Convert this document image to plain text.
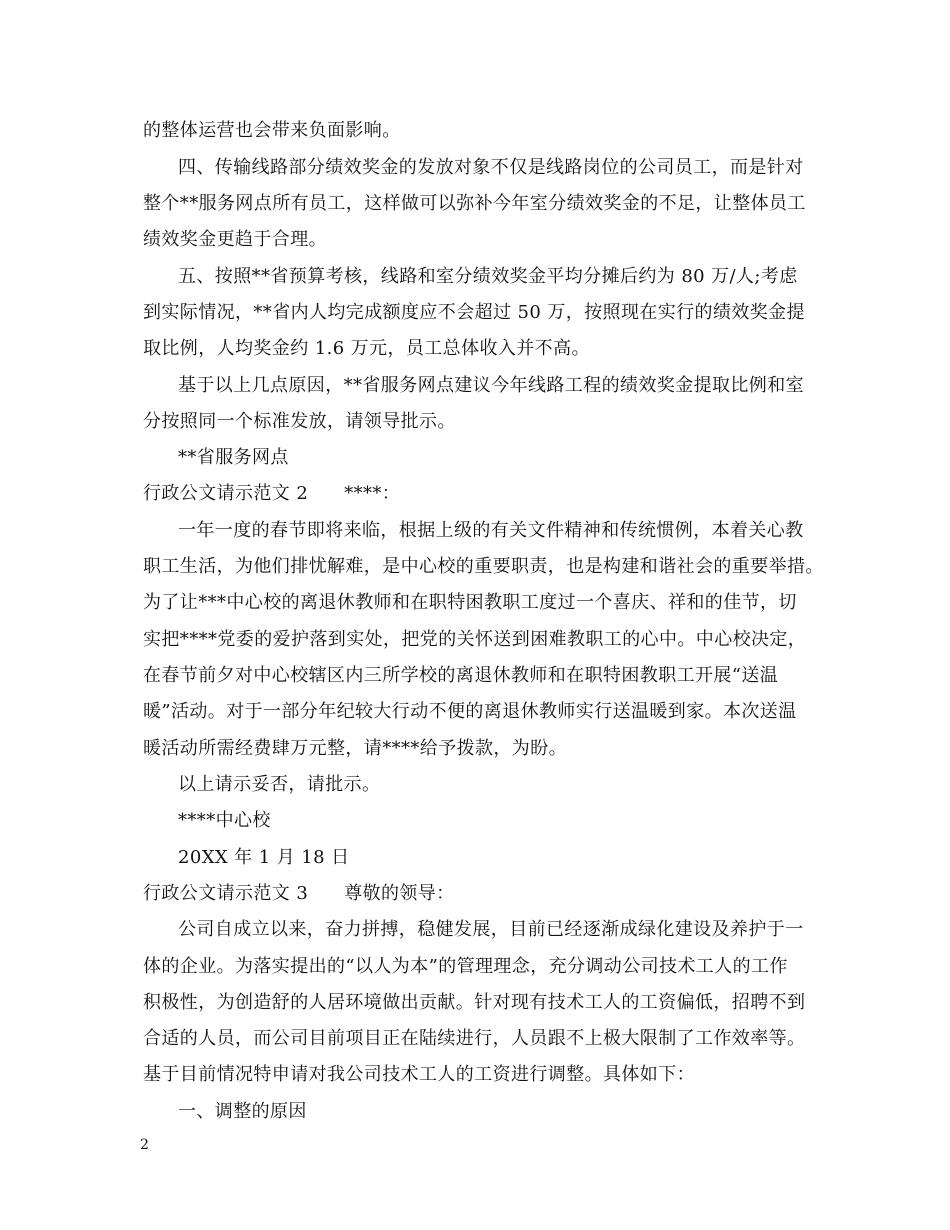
的整体运营也会带来负面影响。
四、传输线路部分绩效奖金的发放对象不仅是线路岗位的公司员工，而是针对
整个**服务网点所有员工，这样做可以弥补今年室分绩效奖金的不足，让整体员工
绩效奖金更趋于合理。
五、按照**省预算考核，线路和室分绩效奖金平均分摊后约为 80 万/人;考虑
到实际情况，**省内人均完成额度应不会超过 50 万，按照现在实行的绩效奖金提
取比例，人均奖金约 1.6 万元，员工总体收入并不高。
基于以上几点原因，**省服务网点建议今年线路工程的绩效奖金提取比例和室
分按照同一个标准发放，请领导批示。
**省服务网点
行政公文请示范文 2 ****：
一年一度的春节即将来临，根据上级的有关文件精神和传统惯例，本着关心教
职工生活，为他们排忧解难，是中心校的重要职责，也是构建和谐社会的重要举措。
为了让***中心校的离退休教师和在职特困教职工度过一个喜庆、祥和的佳节，切
实把****党委的爱护落到实处，把党的关怀送到困难教职工的心中。中心校决定，
在春节前夕对中心校辖区内三所学校的离退休教师和在职特困教职工开展“送温
暖”活动。对于一部分年纪较大行动不便的离退休教师实行送温暖到家。本次送温
暖活动所需经费肆万元整，请****给予拨款，为盼。
以上请示妥否，请批示。
****中心校
20XX 年 1 月 18 日
行政公文请示范文 3 尊敬的领导：
公司自成立以来，奋力拼搏，稳健发展，目前已经逐渐成绿化建设及养护于一
体的企业。为落实提出的“以人为本”的管理理念，充分调动公司技术工人的工作
积极性，为创造舒的人居环境做出贡献。针对现有技术工人的工资偏低，招聘不到
合适的人员，而公司目前项目正在陆续进行，人员跟不上极大限制了工作效率等。
基于目前情况特申请对我公司技术工人的工资进行调整。具体如下：
一、调整的原因
2
